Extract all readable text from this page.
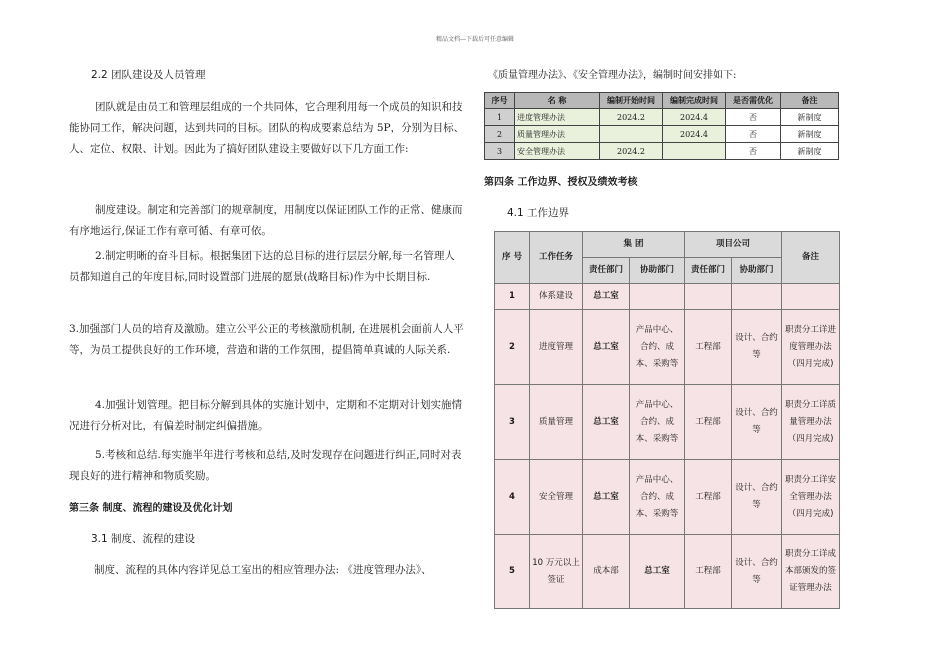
精品文档---下载后可任意编辑
2.2 团队建设及人员管理
团队就是由员工和管理层组成的一个共同体，它合理利用每一个成员的知识和技能协同工作，解决问题，达到共同的目标。团队的构成要素总结为 5P，分别为目标、人、定位、权限、计划。因此为了搞好团队建设主要做好以下几方面工作:
制度建设。制定和完善部门的规章制度，用制度以保证团队工作的正常、健康而有序地运行,保证工作有章可循、有章可依。
2.制定明晰的奋斗目标。根据集团下达的总目标的进行层层分解,每一名管理人员都知道自己的年度目标,同时设置部门进展的愿景(战略目标)作为中长期目标.
3.加强部门人员的培育及激励。建立公平公正的考核激励机制, 在进展机会面前人人平等，为员工提供良好的工作环境，营造和谐的工作氛围，提倡简单真诚的人际关系.
4.加强计划管理。把目标分解到具体的实施计划中，定期和不定期对计划实施情况进行分析对比，有偏差时制定纠偏措施。
5.考核和总结.每实施半年进行考核和总结,及时发现存在问题进行纠正,同时对表现良好的进行精神和物质奖励。
第三条 制度、流程的建设及优化计划
3.1 制度、流程的建设
制度、流程的具体内容详见总工室出的相应管理办法: 《进度管理办法》、
《质量管理办法》、《安全管理办法》，编制时间安排如下:
序号	名 称	编制开始时间	编制完成时间	是否需优化	备注
1	进度管理办法	2024.2	2024.4	否	新制度
2	质量管理办法		2024.4	否	新制度
3	安全管理办法	2024.2		否	新制度
第四条 工作边界、授权及绩效考核
4.1 工作边界
序 号	工作任务	集 团		项目公司		备注
		责任部门	协助部门	责任部门	协助部门	
1	体系建设	总工室				
2	进度管理	总工室	产品中心、合约、成本、采购等	工程部	设计、合约等	职责分工详进度管理办法（四月完成)
3	质量管理	总工室	产品中心、合约、成本、采购等	工程部	设计、合约等	职责分工详质量管理办法（四月完成)
4	安全管理	总工室	产品中心、合约、成本、采购等	工程部	设计、合约等	职责分工详安全管理办法（四月完成)
5	10 万元以上签证	成本部	总工室	工程部	设计、合约等	职责分工详成本部颁发的签证管理办法
